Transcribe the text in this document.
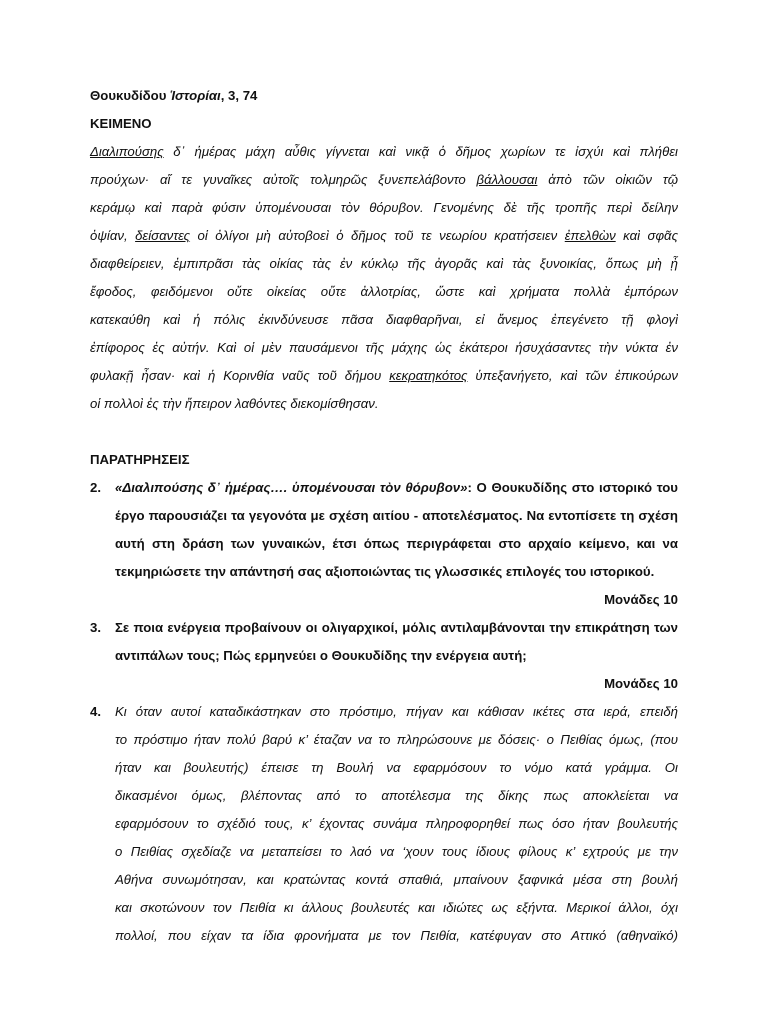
Θουκυδίδου Ἱστορίαι, 3, 74
ΚΕΙΜΕΝΟ
Διαλιπούσης δ᾿ ἡμέρας μάχη αὖθις γίγνεται καὶ νικᾷ ὁ δῆμος χωρίων τε ἰσχύι καὶ πλήθει
προύχων· αἵ τε γυναῖκες αὐτοῖς τολμηρῶς ξυνεπελάβοντο βάλλουσαι ἀπὸ τῶν οἰκιῶν τῷ
κεράμῳ καὶ παρὰ φύσιν ὑπομένουσαι τὸν θόρυβον. Γενομένης δὲ τῆς τροπῆς περὶ δείλην
ὀψίαν, δείσαντες οἱ ὀλίγοι μὴ αὐτοβοεὶ ὁ δῆμος τοῦ τε νεωρίου κρατήσειεν ἐπελθὼν καὶ σφᾶς
διαφθείρειεν, ἐμπιπρᾶσι τὰς οἰκίας τὰς ἐν κύκλῳ τῆς ἀγορᾶς καὶ τὰς ξυνοικίας, ὅπως μὴ ᾖ
ἔφοδος, φειδόμενοι οὔτε οἰκείας οὔτε ἀλλοτρίας, ὥστε καὶ χρήματα πολλὰ ἐμπόρων
κατεκαύθη καὶ ἡ πόλις ἐκινδύνευσε πᾶσα διαφθαρῆναι, εἰ ἄνεμος ἐπεγένετο τῇ φλογὶ
ἐπίφορος ἐς αὐτήν. Καὶ οἱ μὲν παυσάμενοι τῆς μάχης ὡς ἑκάτεροι ἡσυχάσαντες τὴν νύκτα ἐν
φυλακῇ ἦσαν· καὶ ἡ Κορινθία ναῦς τοῦ δήμου κεκρατηκότος ὑπεξανήγετο, καὶ τῶν ἐπικούρων
οἱ πολλοὶ ἐς τὴν ἤπειρον λαθόντες διεκομίσθησαν.
ΠΑΡΑΤΗΡΗΣΕΙΣ
2. «Διαλιπούσης δ᾿ ἡμέρας…. ὑπομένουσαι τὸν θόρυβον»: Ο Θουκυδίδης στο ιστορικό του
έργο παρουσιάζει τα γεγονότα με σχέση αιτίου - αποτελέσματος. Να εντοπίσετε τη σχέση
αυτή στη δράση των γυναικών, έτσι όπως περιγράφεται στο αρχαίο κείμενο, και να
τεκμηριώσετε την απάντησή σας αξιοποιώντας τις γλωσσικές επιλογές του ιστορικού.
Μονάδες 10
3. Σε ποια ενέργεια προβαίνουν οι ολιγαρχικοί, μόλις αντιλαμβάνονται την επικράτηση των
αντιπάλων τους; Πώς ερμηνεύει ο Θουκυδίδης την ενέργεια αυτή;
Μονάδες 10
4. Κι όταν αυτοί καταδικάστηκαν στο πρόστιμο, πήγαν και κάθισαν ικέτες στα ιερά, επειδή
το πρόστιμο ήταν πολύ βαρύ κ’ έταζαν να το πληρώσουνε με δόσεις· ο Πειθίας όμως, (που
ήταν και βουλευτής) έπεισε τη Βουλή να εφαρμόσουν το νόμο κατά γράμμα. Οι
δικασμένοι όμως, βλέποντας από το αποτέλεσμα της δίκης πως αποκλείεται να
εφαρμόσουν το σχέδιό τους, κ’ έχοντας συνάμα πληροφορηθεί πως όσο ήταν βουλευτής
ο Πειθίας σχεδίαζε να μεταπείσει το λαό να ‘χουν τους ίδιους φίλους κ’ εχτρούς με την
Αθήνα συνωμότησαν, και κρατώντας κοντά σπαθιά, μπαίνουν ξαφνικά μέσα στη βουλή
και σκοτώνουν τον Πειθία κι άλλους βουλευτές και ιδιώτες ως εξήντα. Μερικοί άλλοι, όχι
πολλοί, που είχαν τα ίδια φρονήματα με τον Πειθία, κατέφυγαν στο Αττικό (αθηναϊκό)
